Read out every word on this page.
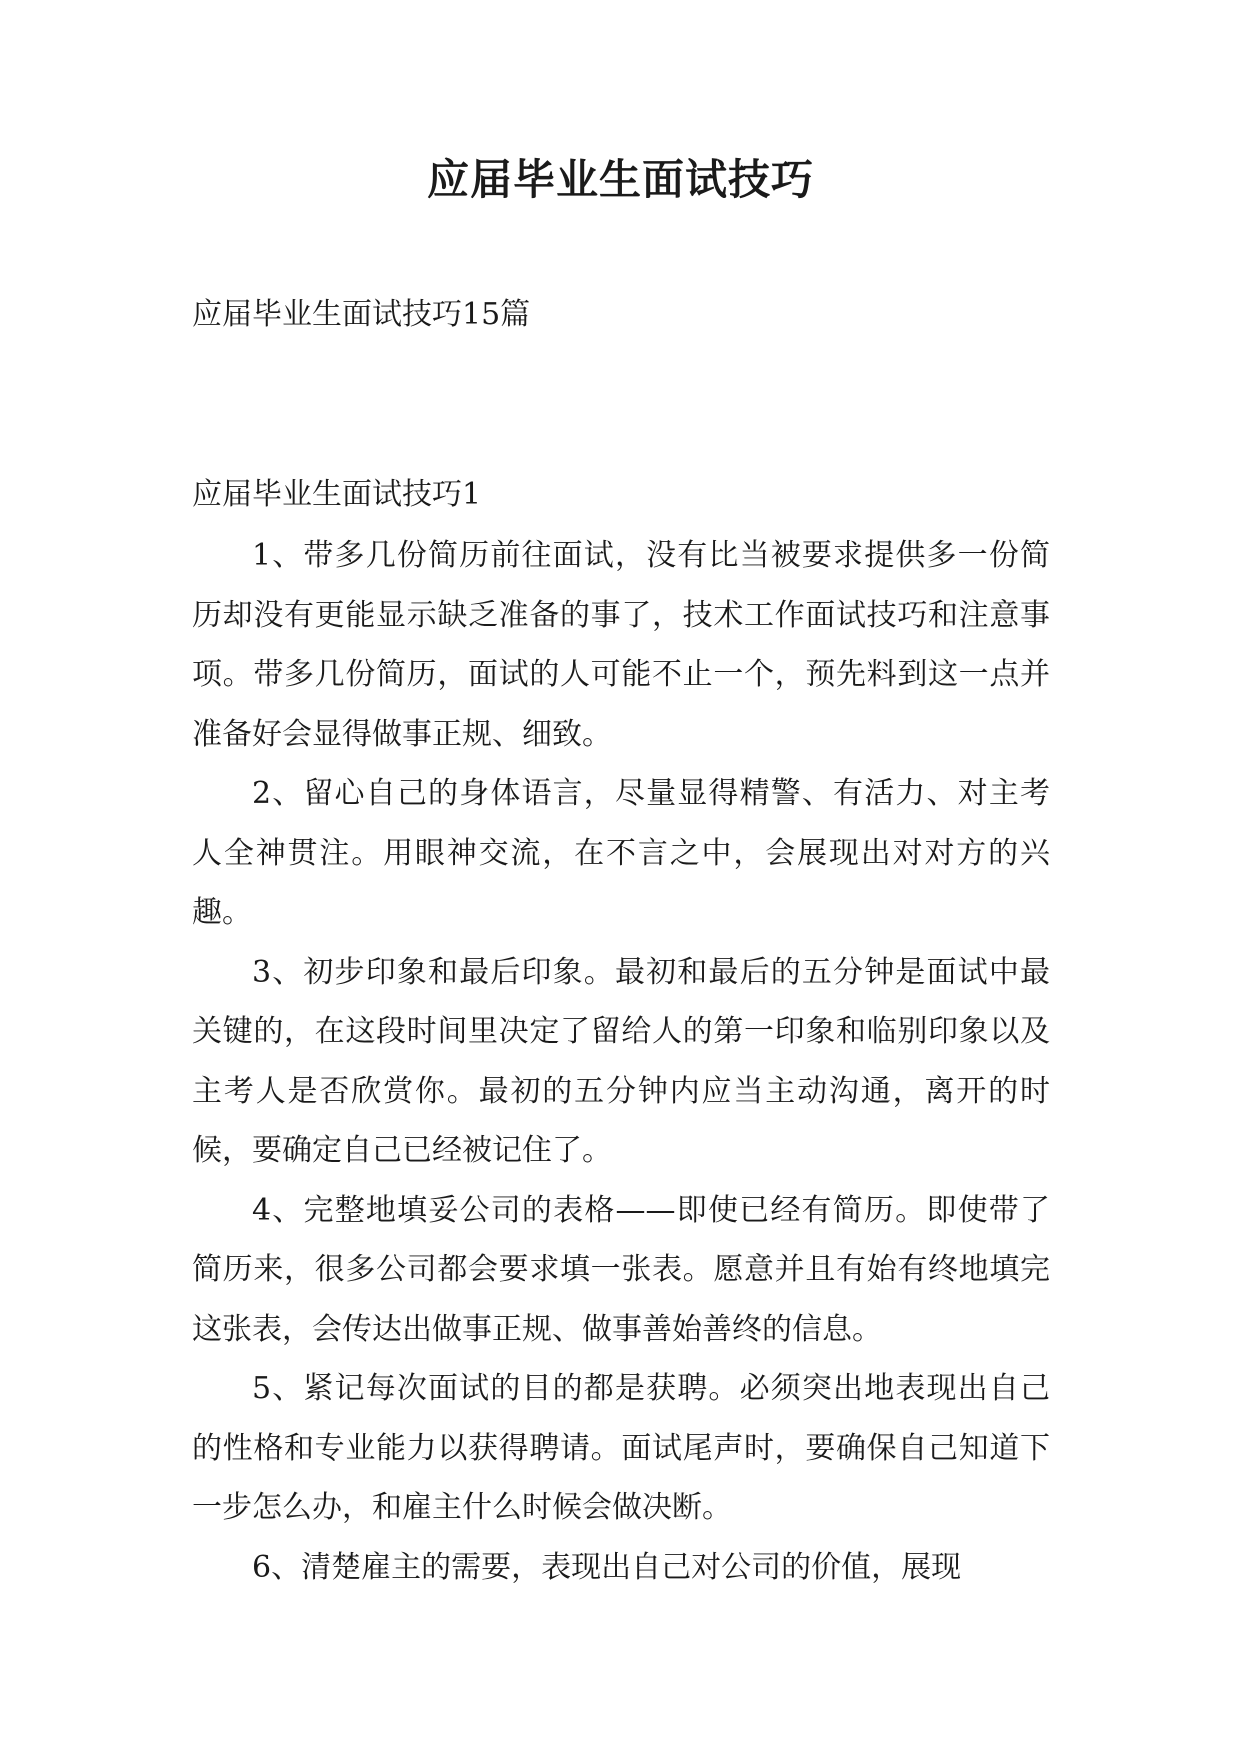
应届毕业生面试技巧
应届毕业生面试技巧15篇
应届毕业生面试技巧1

1、带多几份简历前往面试，没有比当被要求提供多一份简历却没有更能显示缺乏准备的事了，技术工作面试技巧和注意事项。带多几份简历，面试的人可能不止一个，预先料到这一点并准备好会显得做事正规、细致。

2、留心自己的身体语言，尽量显得精警、有活力、对主考人全神贯注。用眼神交流，在不言之中，会展现出对对方的兴趣。

3、初步印象和最后印象。最初和最后的五分钟是面试中最关键的，在这段时间里决定了留给人的第一印象和临别印象以及主考人是否欣赏你。最初的五分钟内应当主动沟通，离开的时候，要确定自己已经被记住了。

4、完整地填妥公司的表格——即使已经有简历。即使带了简历来，很多公司都会要求填一张表。愿意并且有始有终地填完这张表，会传达出做事正规、做事善始善终的信息。

5、紧记每次面试的目的都是获聘。必须突出地表现出自己的性格和专业能力以获得聘请。面试尾声时，要确保自己知道下一步怎么办，和雇主什么时候会做决断。

6、清楚雇主的需要，表现出自己对公司的价值，展现
